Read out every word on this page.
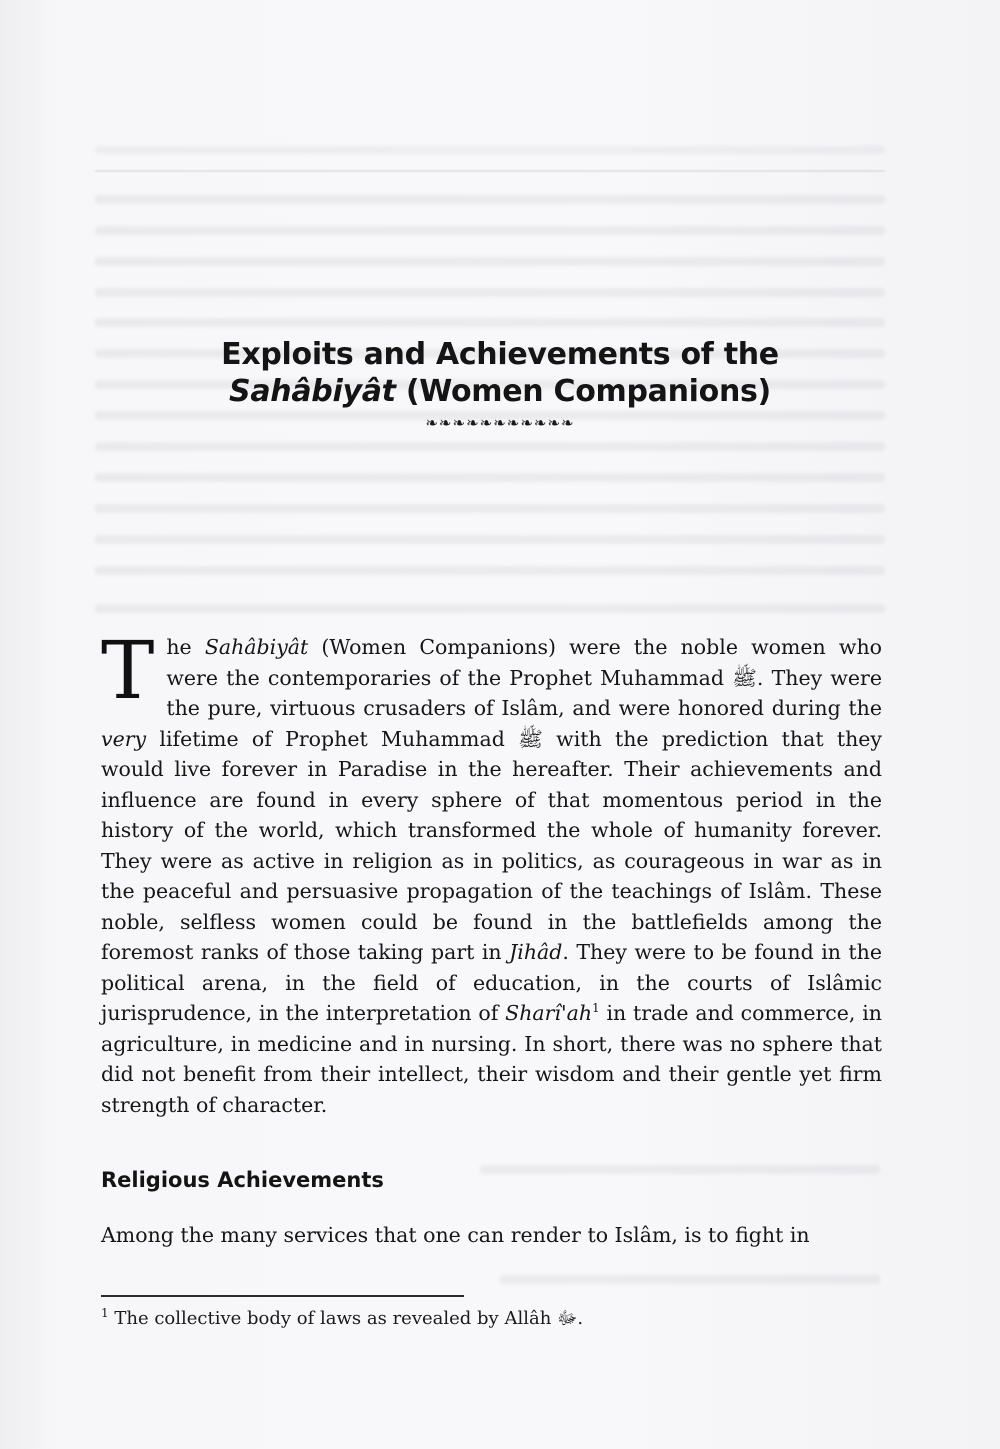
Exploits and Achievements of the
Sahâbiyât (Women Companions)
❧❧❧❧❧❧❧❧❧❧❧

The Sahâbiyât (Women Companions) were the noble women who were the contemporaries of the Prophet Muhammad ﷺ. They were the pure, virtuous crusaders of Islâm, and were honored during the very lifetime of Prophet Muhammad ﷺ with the prediction that they would live forever in Paradise in the hereafter. Their achievements and influence are found in every sphere of that momentous period in the history of the world, which transformed the whole of humanity forever. They were as active in religion as in politics, as courageous in war as in the peaceful and persuasive propagation of the teachings of Islâm. These noble, selfless women could be found in the battlefields among the foremost ranks of those taking part in Jihâd. They were to be found in the political arena, in the field of education, in the courts of Islâmic jurisprudence, in the interpretation of $Sharî'ah^1$ in trade and commerce, in agriculture, in medicine and in nursing. In short, there was no sphere that did not benefit from their intellect, their wisdom and their gentle yet firm strength of character.

Religious Achievements

Among the many services that one can render to Islâm, is to fight in

$^1$ The collective body of laws as revealed by Allâh ﷻ.
